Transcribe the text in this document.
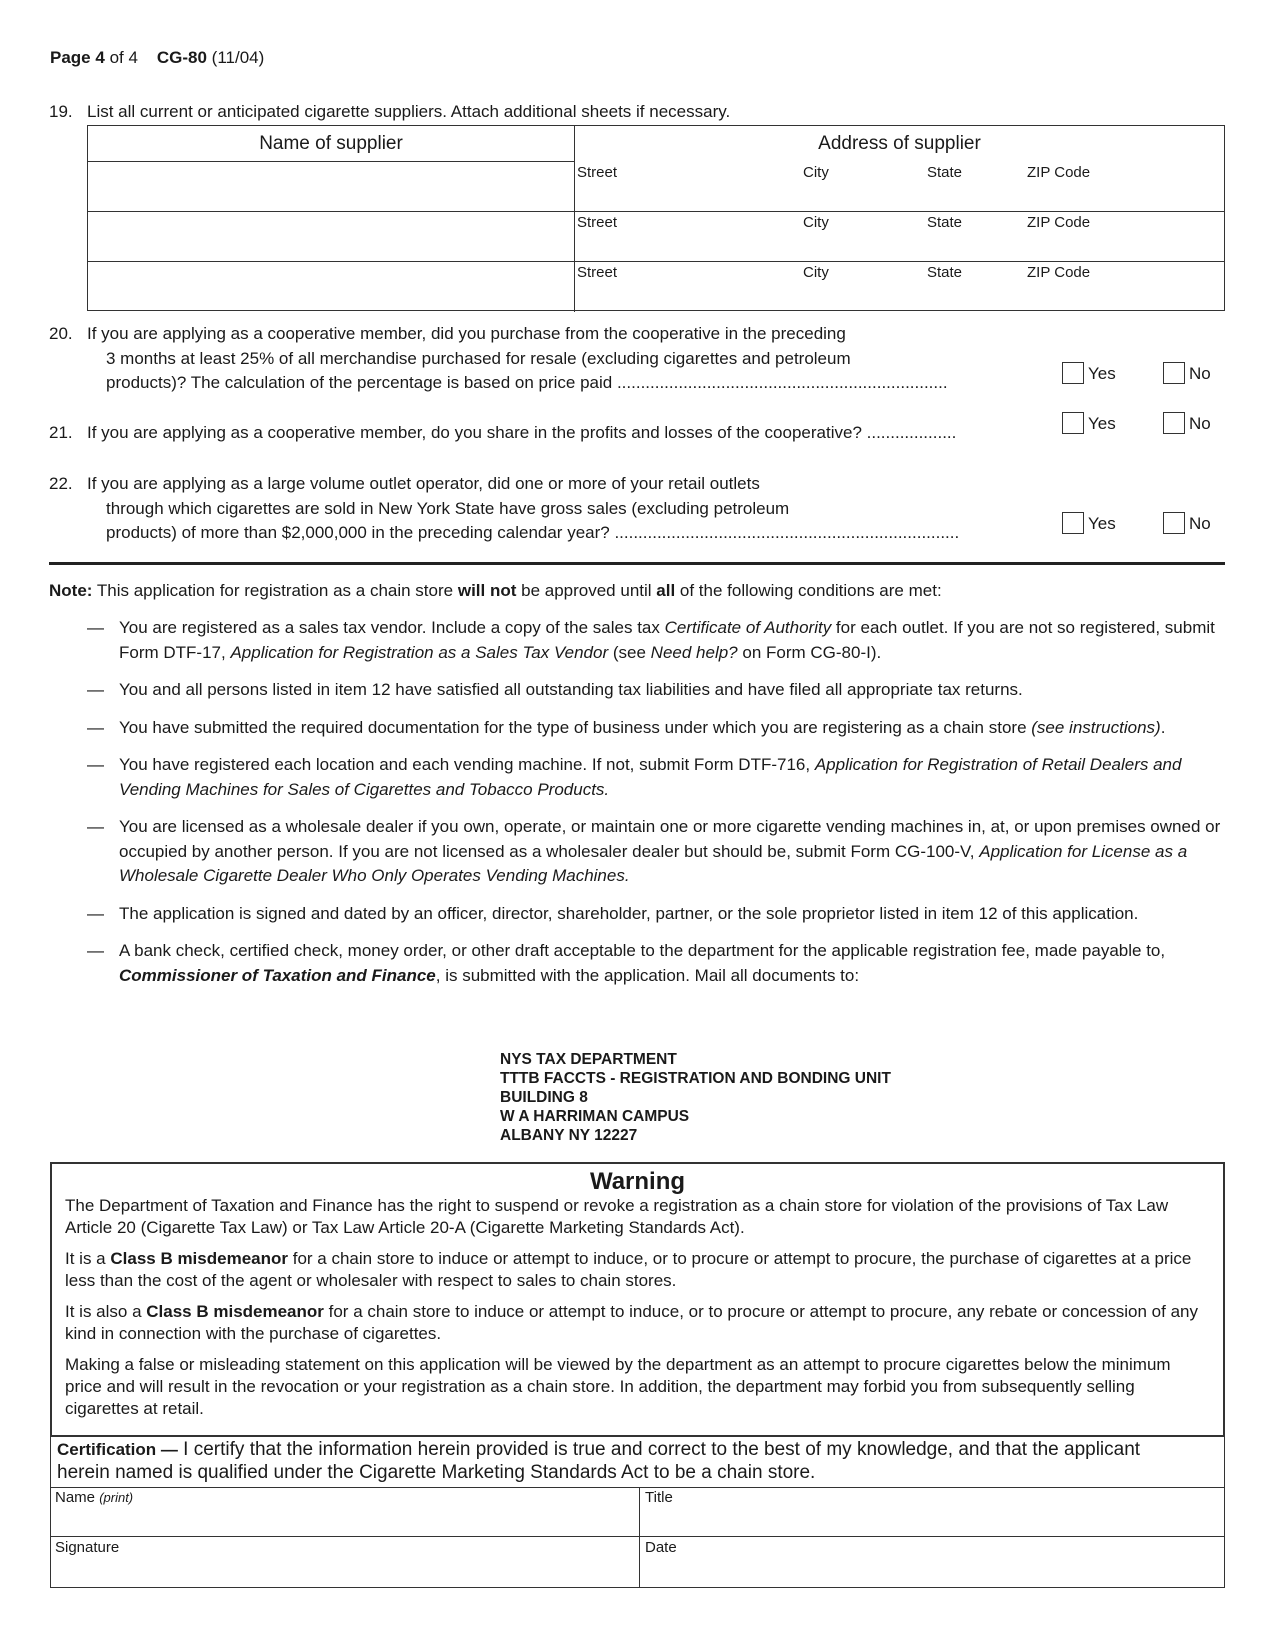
Page 4 of 4 CG-80 (11/04)
19. List all current or anticipated cigarette suppliers. Attach additional sheets if necessary.
Name of supplier	Address of supplier
Street	City	State	ZIP Code
Street	City	State	ZIP Code
Street	City	State	ZIP Code
20. If you are applying as a cooperative member, did you purchase from the cooperative in the preceding
3 months at least 25% of all merchandise purchased for resale (excluding cigarettes and petroleum
products)? The calculation of the percentage is based on price paid ......................................................................	Yes	No
21. If you are applying as a cooperative member, do you share in the profits and losses of the cooperative? ...................	Yes	No
22. If you are applying as a large volume outlet operator, did one or more of your retail outlets
through which cigarettes are sold in New York State have gross sales (excluding petroleum
products) of more than $2,000,000 in the preceding calendar year? .........................................................................	Yes	No
Note: This application for registration as a chain store will not be approved until all of the following conditions are met:
— You are registered as a sales tax vendor. Include a copy of the sales tax Certificate of Authority for each outlet. If you are not so registered, submit Form DTF-17, Application for Registration as a Sales Tax Vendor (see Need help? on Form CG-80-I).
— You and all persons listed in item 12 have satisfied all outstanding tax liabilities and have filed all appropriate tax returns.
— You have submitted the required documentation for the type of business under which you are registering as a chain store (see instructions).
— You have registered each location and each vending machine. If not, submit Form DTF-716, Application for Registration of Retail Dealers and Vending Machines for Sales of Cigarettes and Tobacco Products.
— You are licensed as a wholesale dealer if you own, operate, or maintain one or more cigarette vending machines in, at, or upon premises owned or occupied by another person. If you are not licensed as a wholesaler dealer but should be, submit Form CG-100-V, Application for License as a Wholesale Cigarette Dealer Who Only Operates Vending Machines.
— The application is signed and dated by an officer, director, shareholder, partner, or the sole proprietor listed in item 12 of this application.
— A bank check, certified check, money order, or other draft acceptable to the department for the applicable registration fee, made payable to, Commissioner of Taxation and Finance, is submitted with the application. Mail all documents to:
NYS TAX DEPARTMENT
TTTB FACCTS - REGISTRATION AND BONDING UNIT
BUILDING 8
W A HARRIMAN CAMPUS
ALBANY NY 12227
Warning

The Department of Taxation and Finance has the right to suspend or revoke a registration as a chain store for violation of the provisions of Tax Law Article 20 (Cigarette Tax Law) or Tax Law Article 20-A (Cigarette Marketing Standards Act).

It is a Class B misdemeanor for a chain store to induce or attempt to induce, or to procure or attempt to procure, the purchase of cigarettes at a price less than the cost of the agent or wholesaler with respect to sales to chain stores.

It is also a Class B misdemeanor for a chain store to induce or attempt to induce, or to procure or attempt to procure, any rebate or concession of any kind in connection with the purchase of cigarettes.

Making a false or misleading statement on this application will be viewed by the department as an attempt to procure cigarettes below the minimum price and will result in the revocation or your registration as a chain store. In addition, the department may forbid you from subsequently selling cigarettes at retail.

Certification — I certify that the information herein provided is true and correct to the best of my knowledge, and that the applicant herein named is qualified under the Cigarette Marketing Standards Act to be a chain store.
Name (print)	Title
Signature	Date
